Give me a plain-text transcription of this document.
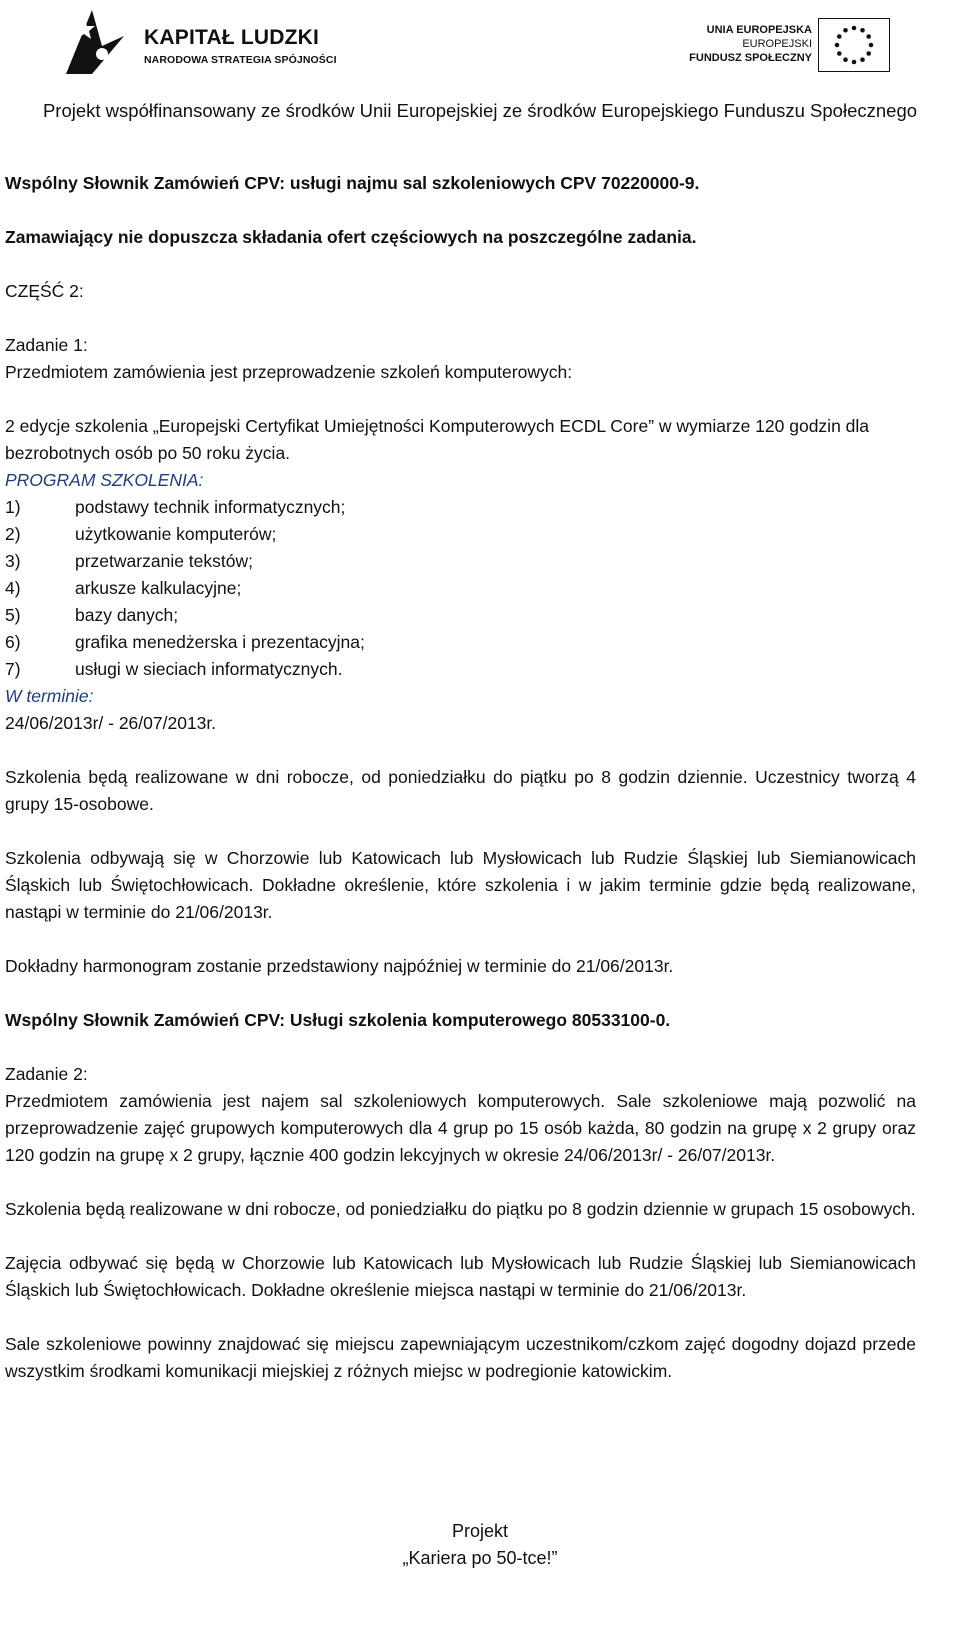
KAPITAŁ LUDZKI
NARODOWA STRATEGIA SPÓJNOŚCI
UNIA EUROPEJSKA
EUROPEJSKI
FUNDUSZ SPOŁECZNY
Projekt współfinansowany ze środków Unii Europejskiej ze środków Europejskiego Funduszu Społecznego

Wspólny Słownik Zamówień CPV: usługi najmu sal szkoleniowych CPV 70220000-9.

Zamawiający nie dopuszcza składania ofert częściowych na poszczególne zadania.

CZĘŚĆ 2:

Zadanie 1:

Przedmiotem zamówienia jest przeprowadzenie szkoleń komputerowych:

2 edycje szkolenia „Europejski Certyfikat Umiejętności Komputerowych ECDL Core” w wymiarze 120 godzin dla bezrobotnych osób po 50 roku życia.

PROGRAM SZKOLENIA:

1)	podstawy technik informatycznych;
2)	użytkowanie komputerów;
3)	przetwarzanie tekstów;
4)	arkusze kalkulacyjne;
5)	bazy danych;
6)	grafika menedżerska i prezentacyjna;
7)	usługi w sieciach informatycznych.

W terminie:

24/06/2013r/ - 26/07/2013r.

Szkolenia będą realizowane w dni robocze, od poniedziałku do piątku po 8 godzin dziennie. Uczestnicy tworzą 4 grupy 15-osobowe.

Szkolenia odbywają się w Chorzowie lub Katowicach lub Mysłowicach lub Rudzie Śląskiej lub Siemianowicach Śląskich lub Świętochłowicach. Dokładne określenie, które szkolenia i w jakim terminie gdzie będą realizowane, nastąpi w terminie do 21/06/2013r.

Dokładny harmonogram zostanie przedstawiony najpóźniej w terminie do 21/06/2013r.

Wspólny Słownik Zamówień CPV: Usługi szkolenia komputerowego 80533100-0.

Zadanie 2:

Przedmiotem zamówienia jest najem sal szkoleniowych komputerowych. Sale szkoleniowe mają pozwolić na przeprowadzenie zajęć grupowych komputerowych dla 4 grup po 15 osób każda, 80 godzin na grupę x 2 grupy oraz 120 godzin na grupę x 2 grupy, łącznie 400 godzin lekcyjnych w okresie 24/06/2013r/ - 26/07/2013r.

Szkolenia będą realizowane w dni robocze, od poniedziałku do piątku po 8 godzin dziennie w grupach 15 osobowych.

Zajęcia odbywać się będą w Chorzowie lub Katowicach lub Mysłowicach lub Rudzie Śląskiej lub Siemianowicach Śląskich lub Świętochłowicach. Dokładne określenie miejsca nastąpi w terminie do 21/06/2013r.

Sale szkoleniowe powinny znajdować się miejscu zapewniającym uczestnikom/czkom zajęć dogodny dojazd przede wszystkim środkami komunikacji miejskiej z różnych miejsc w podregionie katowickim.

Projekt
„Kariera po 50-tce!”
